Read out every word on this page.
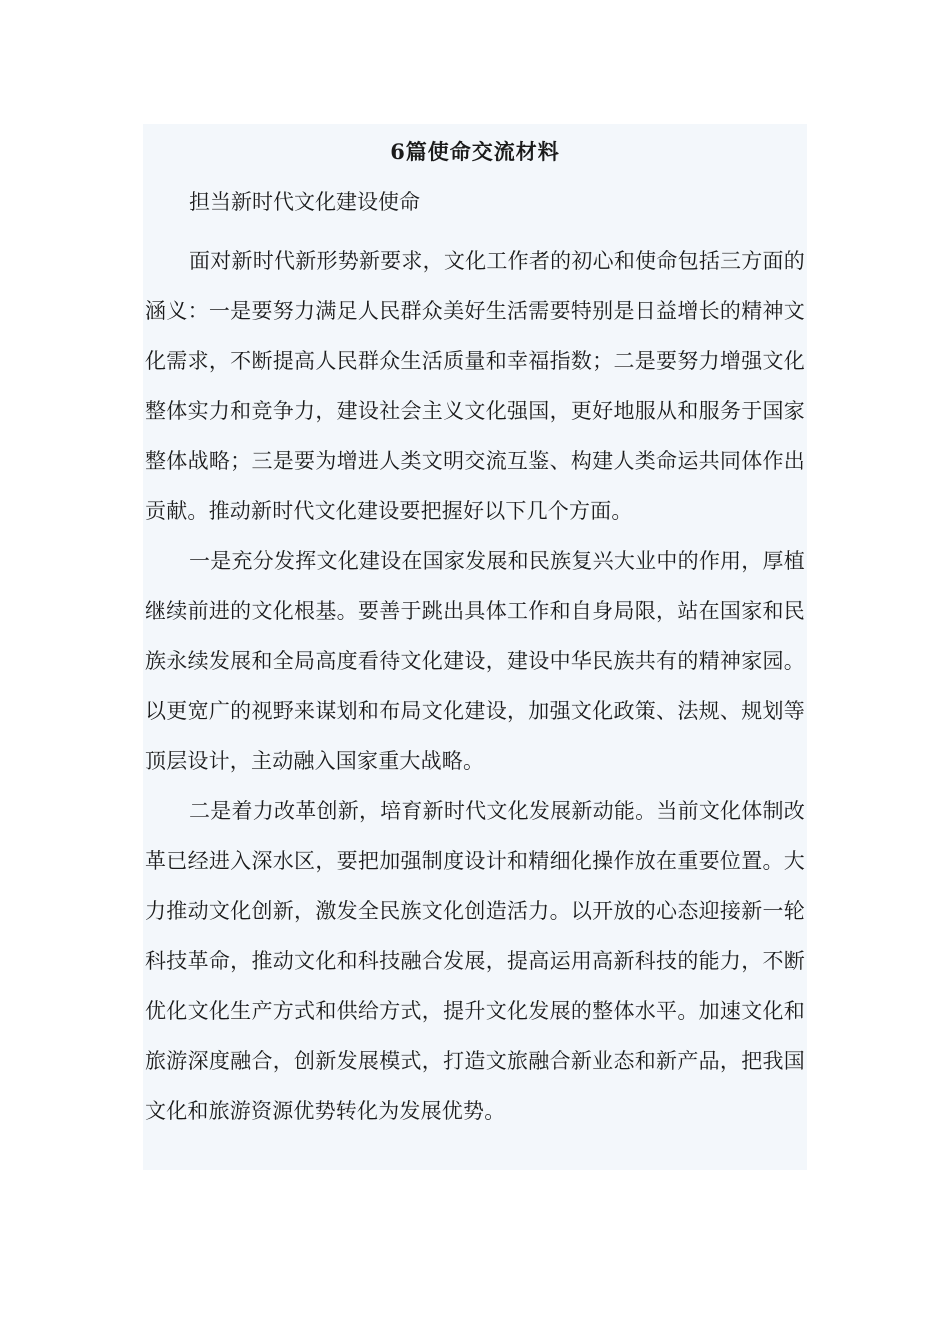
6篇使命交流材料
担当新时代文化建设使命

面对新时代新形势新要求，文化工作者的初心和使命包括三方面的涵义：一是要努力满足人民群众美好生活需要特别是日益增长的精神文化需求，不断提高人民群众生活质量和幸福指数；二是要努力增强文化整体实力和竞争力，建设社会主义文化强国，更好地服从和服务于国家整体战略；三是要为增进人类文明交流互鉴、构建人类命运共同体作出贡献。推动新时代文化建设要把握好以下几个方面。

一是充分发挥文化建设在国家发展和民族复兴大业中的作用，厚植继续前进的文化根基。要善于跳出具体工作和自身局限，站在国家和民族永续发展和全局高度看待文化建设，建设中华民族共有的精神家园。以更宽广的视野来谋划和布局文化建设，加强文化政策、法规、规划等顶层设计，主动融入国家重大战略。

二是着力改革创新，培育新时代文化发展新动能。当前文化体制改革已经进入深水区，要把加强制度设计和精细化操作放在重要位置。大力推动文化创新，激发全民族文化创造活力。以开放的心态迎接新一轮科技革命，推动文化和科技融合发展，提高运用高新科技的能力，不断优化文化生产方式和供给方式，提升文化发展的整体水平。加速文化和旅游深度融合，创新发展模式，打造文旅融合新业态和新产品，把我国文化和旅游资源优势转化为发展优势。
